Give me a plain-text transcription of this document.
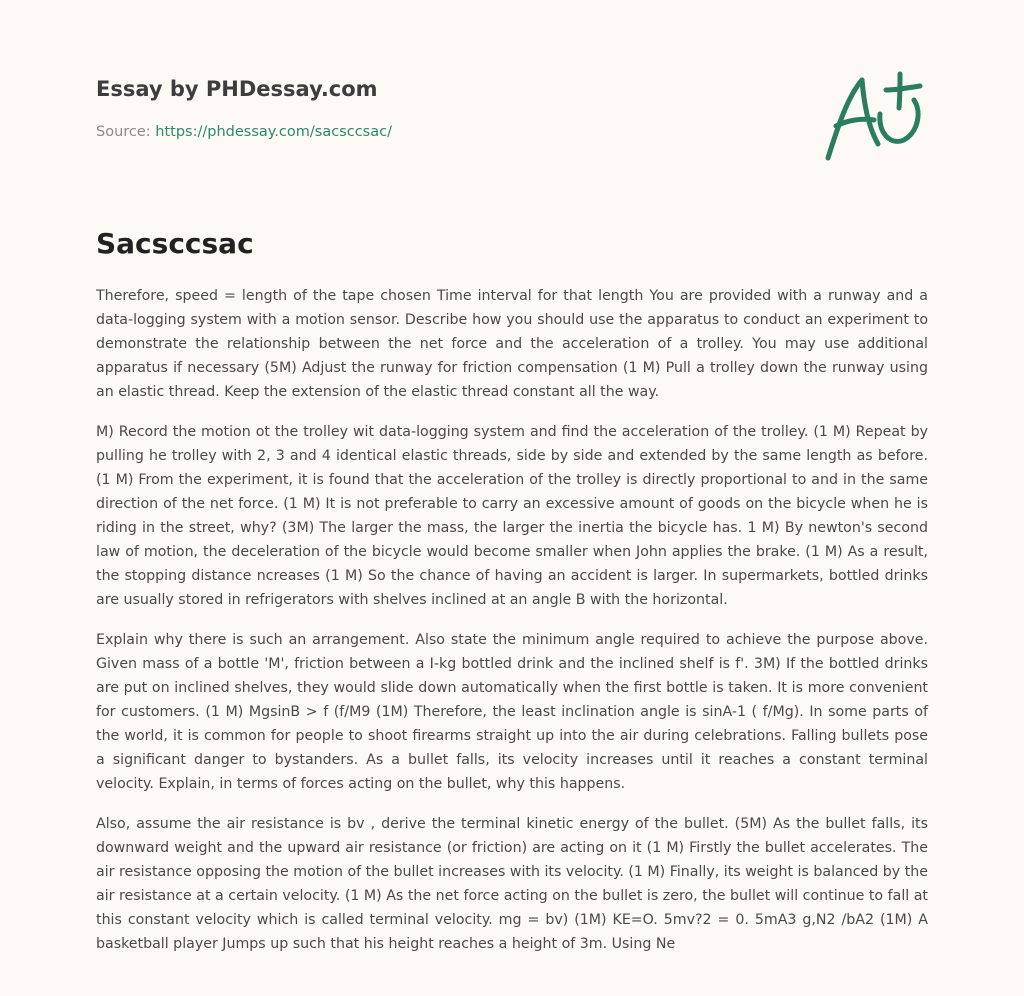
Essay by PHDessay.com
Source: https://phdessay.com/sacsccsac/
Sacsccsac

Therefore, speed = length of the tape chosen Time interval for that length You are provided with a runway and a data-logging system with a motion sensor. Describe how you should use the apparatus to conduct an experiment to demonstrate the relationship between the net force and the acceleration of a trolley. You may use additional apparatus if necessary (5M) Adjust the runway for friction compensation (1 M) Pull a trolley down the runway using an elastic thread. Keep the extension of the elastic thread constant all the way.

M) Record the motion ot the trolley wit data-logging system and find the acceleration of the trolley. (1 M) Repeat by pulling he trolley with 2, 3 and 4 identical elastic threads, side by side and extended by the same length as before. (1 M) From the experiment, it is found that the acceleration of the trolley is directly proportional to and in the same direction of the net force. (1 M) It is not preferable to carry an excessive amount of goods on the bicycle when he is riding in the street, why? (3M) The larger the mass, the larger the inertia the bicycle has. 1 M) By newton's second law of motion, the deceleration of the bicycle would become smaller when John applies the brake. (1 M) As a result, the stopping distance ncreases (1 M) So the chance of having an accident is larger. In supermarkets, bottled drinks are usually stored in refrigerators with shelves inclined at an angle B with the horizontal.

Explain why there is such an arrangement. Also state the minimum angle required to achieve the purpose above. Given mass of a bottle 'M', friction between a I-kg bottled drink and the inclined shelf is f'. 3M) If the bottled drinks are put on inclined shelves, they would slide down automatically when the first bottle is taken. It is more convenient for customers. (1 M) MgsinB > f (f/M9 (1M) Therefore, the least inclination angle is sinA-1 ( f/Mg). In some parts of the world, it is common for people to shoot firearms straight up into the air during celebrations. Falling bullets pose a significant danger to bystanders. As a bullet falls, its velocity increases until it reaches a constant terminal velocity. Explain, in terms of forces acting on the bullet, why this happens.

Also, assume the air resistance is bv , derive the terminal kinetic energy of the bullet. (5M) As the bullet falls, its downward weight and the upward air resistance (or friction) are acting on it (1 M) Firstly the bullet accelerates. The air resistance opposing the motion of the bullet increases with its velocity. (1 M) Finally, its weight is balanced by the air resistance at a certain velocity. (1 M) As the net force acting on the bullet is zero, the bullet will continue to fall at this constant velocity which is called terminal velocity. mg = bv) (1M) KE=O. 5mv?2 = 0. 5mA3 g,N2 /bA2 (1M) A basketball player Jumps up such that his height reaches a height of 3m. Using Ne
